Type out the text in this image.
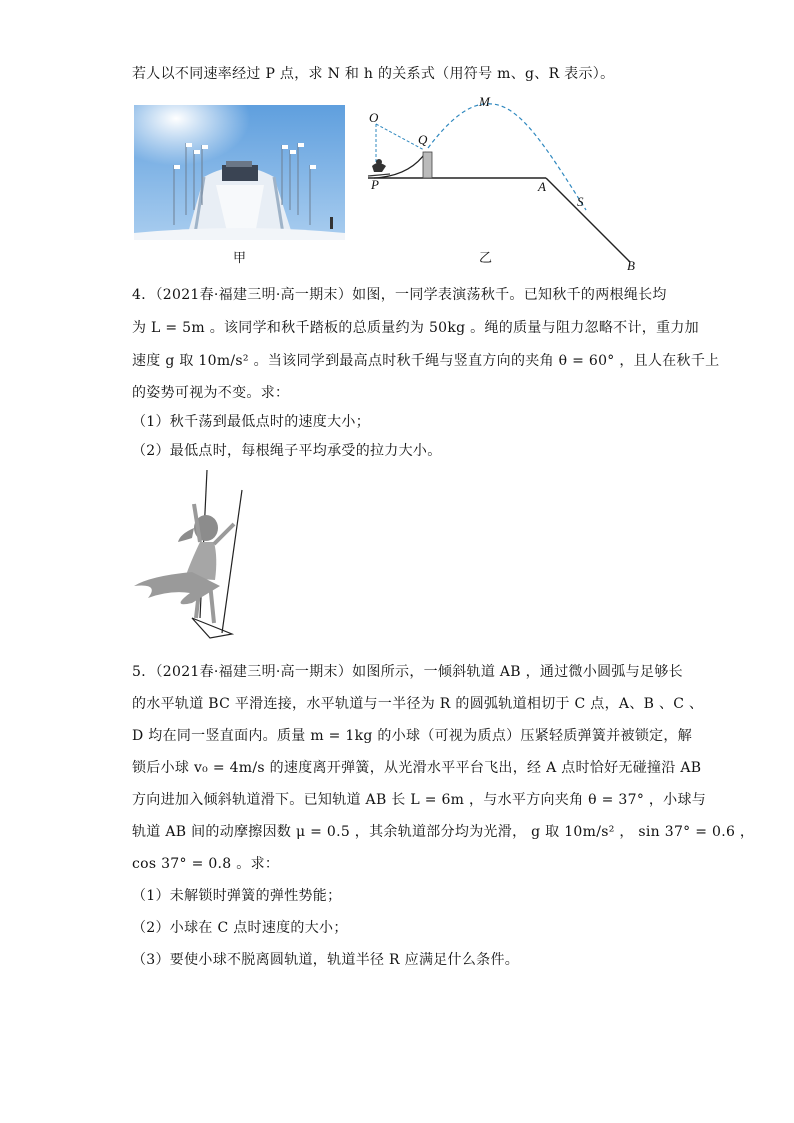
若人以不同速率经过 P 点，求 N 和 h 的关系式（用符号 m、g、R 表示）。
甲
O
Q
M
P	A
S
B
乙
4．（2021春·福建三明·高一期末）如图，一同学表演荡秋千。已知秋千的两根绳长均
为 L = 5m 。该同学和秋千踏板的总质量约为 50kg 。绳的质量与阻力忽略不计，重力加
速度 g 取 10m/s² 。当该同学到最高点时秋千绳与竖直方向的夹角 θ = 60° ，且人在秋千上
的姿势可视为不变。求：
（1）秋千荡到最低点时的速度大小；
（2）最低点时，每根绳子平均承受的拉力大小。
5．（2021春·福建三明·高一期末）如图所示，一倾斜轨道 AB ，通过微小圆弧与足够长
的水平轨道 BC 平滑连接，水平轨道与一半径为 R 的圆弧轨道相切于 C 点，A、B 、C 、
D 均在同一竖直面内。质量 m = 1kg 的小球（可视为质点）压紧轻质弹簧并被锁定，解
锁后小球 v₀ = 4m/s 的速度离开弹簧，从光滑水平平台飞出，经 A 点时恰好无碰撞沿 AB
方向进加入倾斜轨道滑下。已知轨道 AB 长 L = 6m ，与水平方向夹角 θ = 37° ，小球与
轨道 AB 间的动摩擦因数 μ = 0.5 ，其余轨道部分均为光滑， g 取 10m/s² ， sin 37° = 0.6 ，
cos 37° = 0.8 。求：
（1）未解锁时弹簧的弹性势能；
（2）小球在 C 点时速度的大小；
（3）要使小球不脱离圆轨道，轨道半径 R 应满足什么条件。
